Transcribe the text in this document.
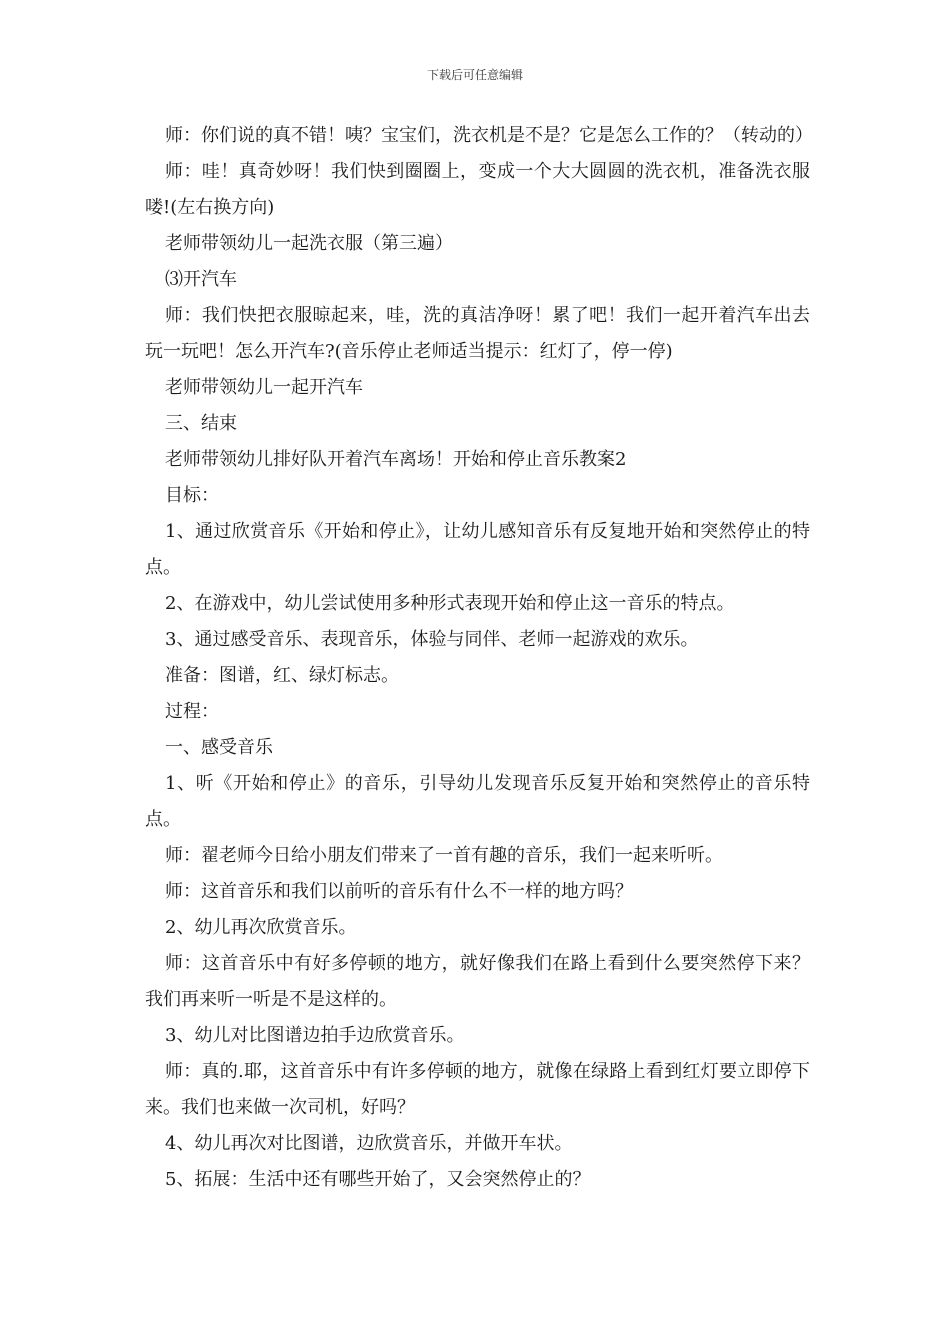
下载后可任意编辑

师：你们说的真不错！咦？宝宝们，洗衣机是不是？它是怎么工作的？（转动的）

师：哇！真奇妙呀！我们快到圈圈上，变成一个大大圆圆的洗衣机，准备洗衣服喽!(左右换方向)

老师带领幼儿一起洗衣服（第三遍）

⑶开汽车

师：我们快把衣服晾起来，哇，洗的真洁净呀！累了吧！我们一起开着汽车出去玩一玩吧！怎么开汽车?(音乐停止老师适当提示：红灯了，停一停)

老师带领幼儿一起开汽车

三、结束

老师带领幼儿排好队开着汽车离场！开始和停止音乐教案2

目标：

1、通过欣赏音乐《开始和停止》，让幼儿感知音乐有反复地开始和突然停止的特点。

2、在游戏中，幼儿尝试使用多种形式表现开始和停止这一音乐的特点。

3、通过感受音乐、表现音乐，体验与同伴、老师一起游戏的欢乐。

准备：图谱，红、绿灯标志。

过程：

一、感受音乐

1、听《开始和停止》的音乐，引导幼儿发现音乐反复开始和突然停止的音乐特点。

师：翟老师今日给小朋友们带来了一首有趣的音乐，我们一起来听听。

师：这首音乐和我们以前听的音乐有什么不一样的地方吗？

2、幼儿再次欣赏音乐。

师：这首音乐中有好多停顿的地方，就好像我们在路上看到什么要突然停下来？我们再来听一听是不是这样的。

3、幼儿对比图谱边拍手边欣赏音乐。

师：真的.耶，这首音乐中有许多停顿的地方，就像在绿路上看到红灯要立即停下来。我们也来做一次司机，好吗？

4、幼儿再次对比图谱，边欣赏音乐，并做开车状。

5、拓展：生活中还有哪些开始了，又会突然停止的？
